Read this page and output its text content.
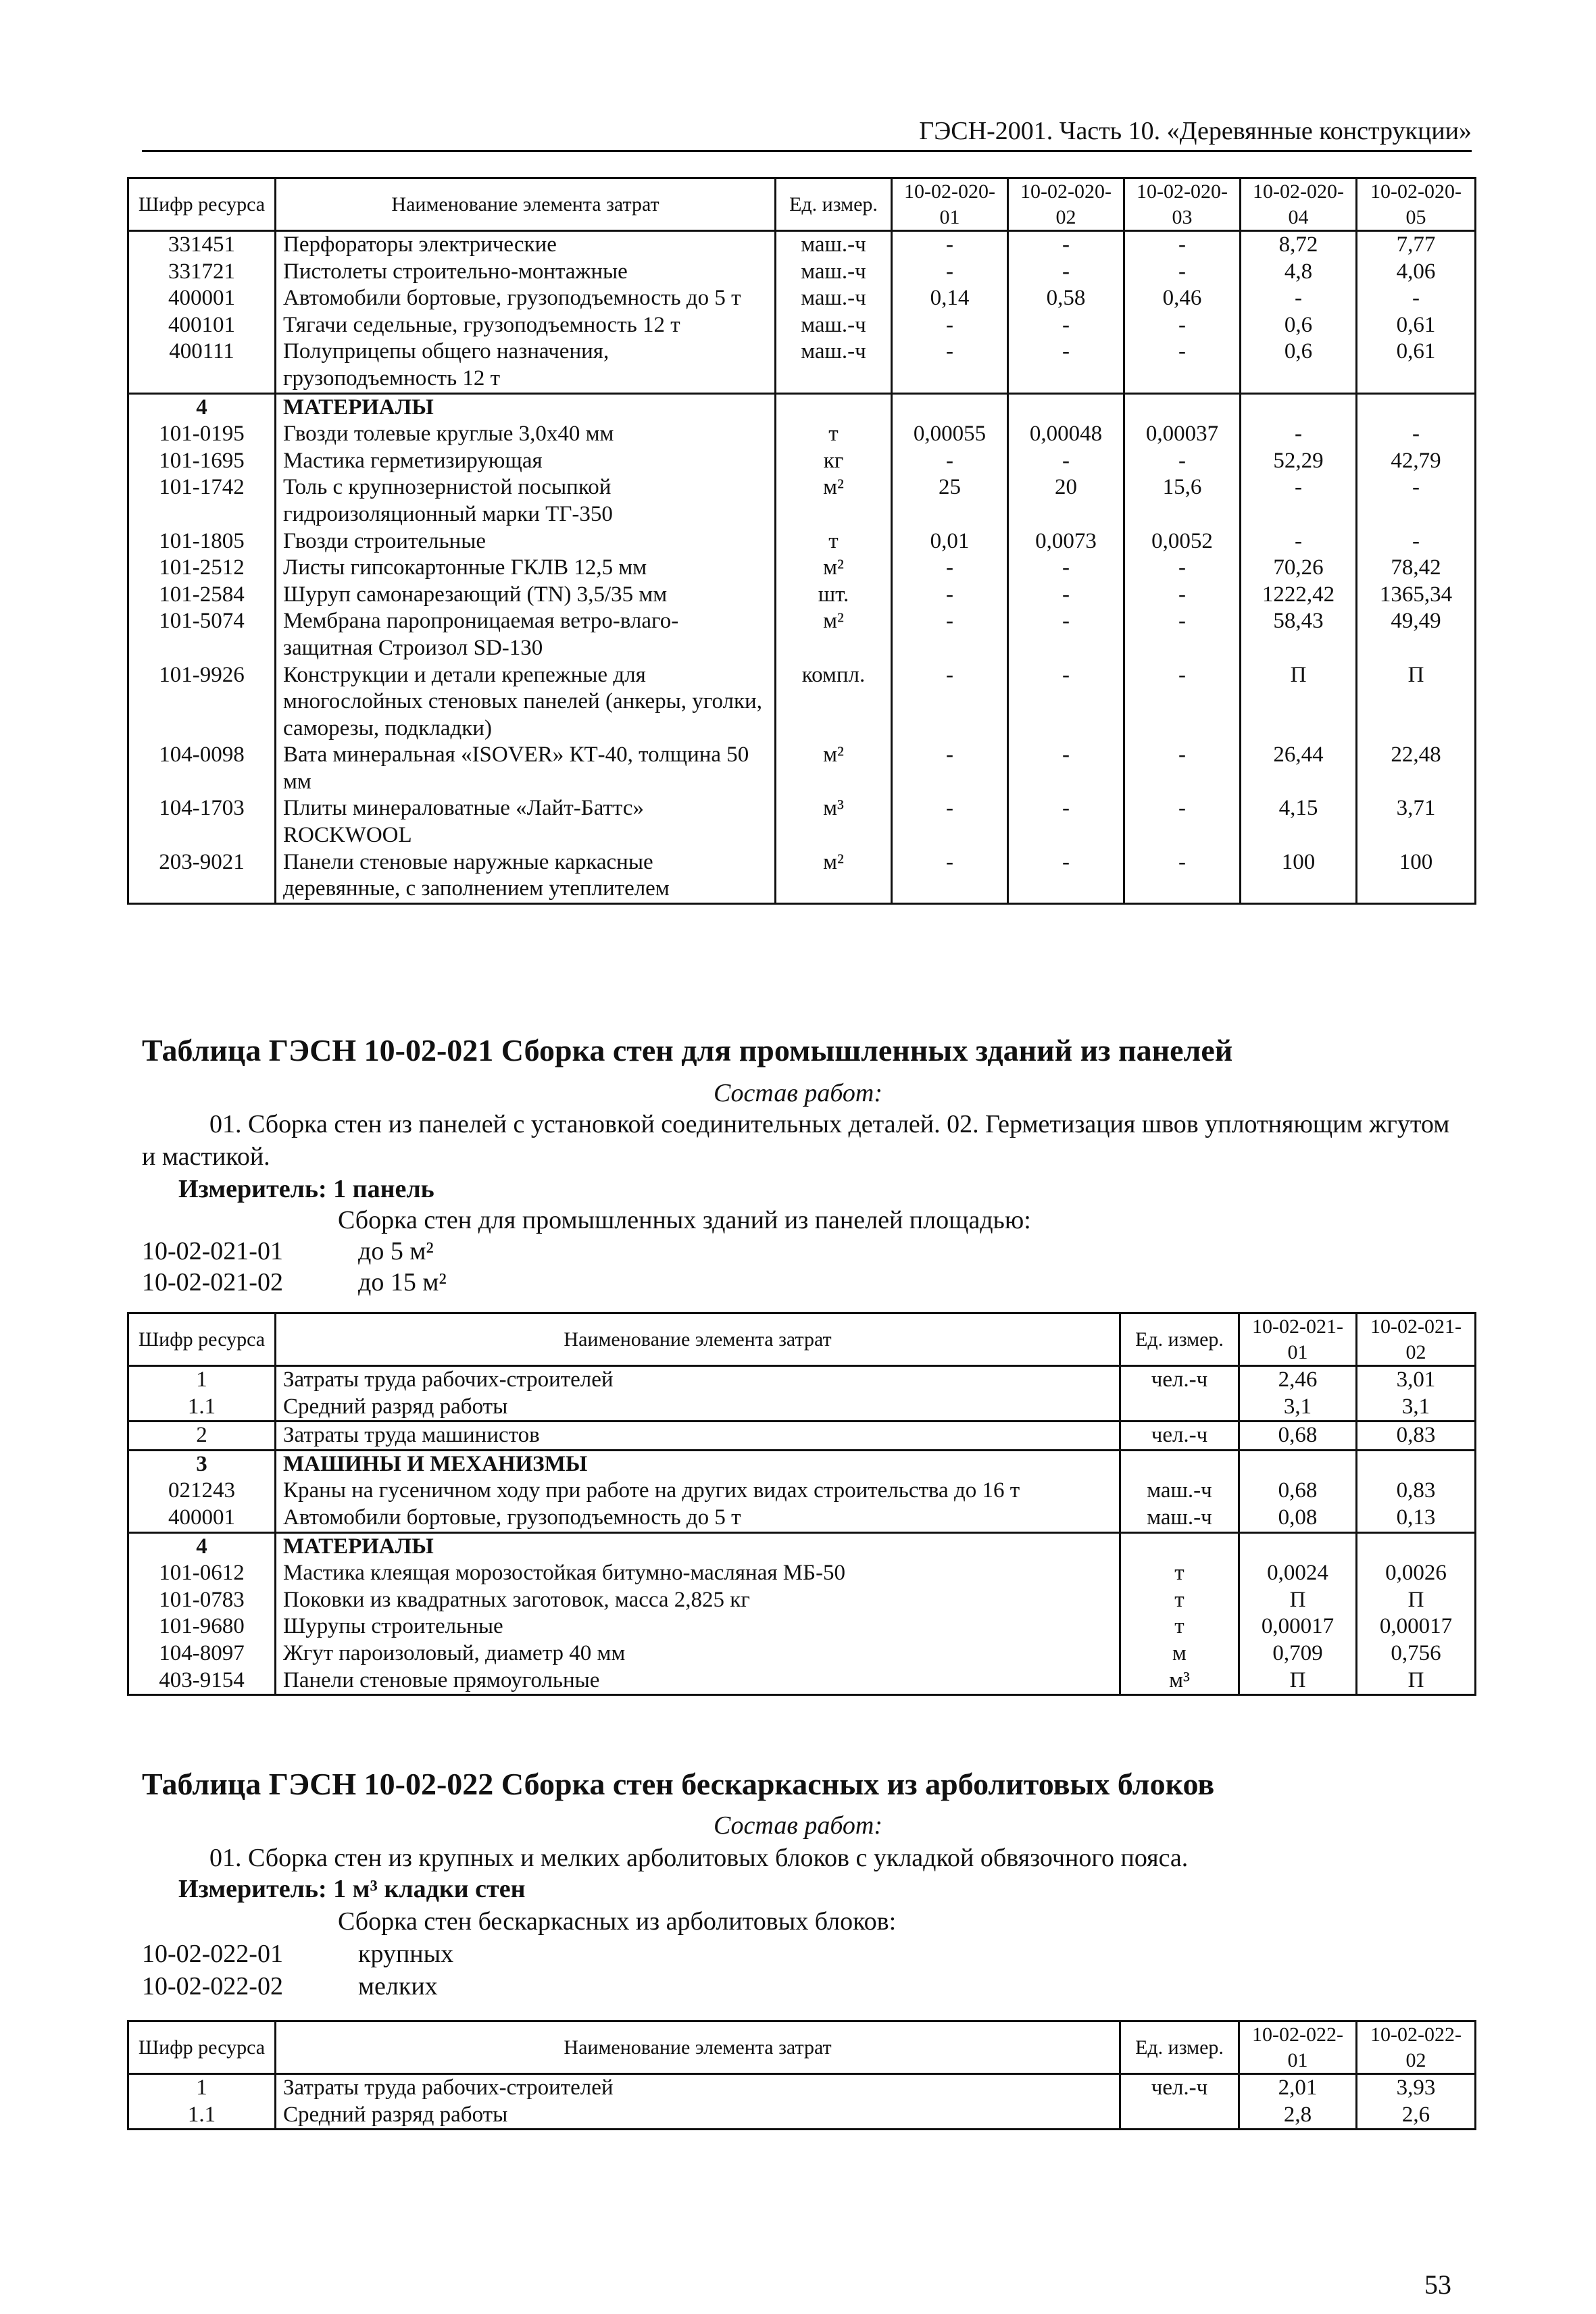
ГЭСН-2001. Часть 10. «Деревянные конструкции»
Шифр ресурса	Наименование элемента затрат	Ед. измер.	10-02-020-01	10-02-020-02	10-02-020-03	10-02-020-04	10-02-020-05
331451	Перфораторы электрические	маш.-ч	-	-	-	8,72	7,77
331721	Пистолеты строительно-монтажные	маш.-ч	-	-	-	4,8	4,06
400001	Автомобили бортовые, грузоподъемность до 5 т	маш.-ч	0,14	0,58	0,46	-	-
400101	Тягачи седельные, грузоподъемность 12 т	маш.-ч	-	-	-	0,6	0,61
400111	Полуприцепы общего назначения, грузоподъемность 12 т	маш.-ч	-	-	-	0,6	0,61
4	МАТЕРИАЛЫ						
101-0195	Гвозди толевые круглые 3,0х40 мм	т	0,00055	0,00048	0,00037	-	-
101-1695	Мастика герметизирующая	кг	-	-	-	52,29	42,79
101-1742	Толь с крупнозернистой посыпкой гидроизоляционный марки ТГ-350	м²	25	20	15,6	-	-
101-1805	Гвозди строительные	т	0,01	0,0073	0,0052	-	-
101-2512	Листы гипсокартонные ГКЛВ 12,5 мм	м²	-	-	-	70,26	78,42
101-2584	Шуруп самонарезающий (TN) 3,5/35 мм	шт.	-	-	-	1222,42	1365,34
101-5074	Мембрана паропроницаемая ветро-влаго-защитная Строизол SD-130	м²	-	-	-	58,43	49,49
101-9926	Конструкции и детали крепежные для многослойных стеновых панелей (анкеры, уголки, саморезы, подкладки)	компл.	-	-	-	П	П
104-0098	Вата минеральная «ISOVER» КТ-40, толщина 50 мм	м²	-	-	-	26,44	22,48
104-1703	Плиты минераловатные «Лайт-Баттс» ROCKWOOL	м³	-	-	-	4,15	3,71
203-9021	Панели стеновые наружные каркасные деревянные, с заполнением утеплителем	м²	-	-	-	100	100
Таблица ГЭСН 10-02-021 Сборка стен для промышленных зданий из панелей
Состав работ:
01. Сборка стен из панелей с установкой соединительных деталей. 02. Герметизация швов уплотняющим жгутом и мастикой.
Измеритель: 1 панель
Сборка стен для промышленных зданий из панелей площадью:
10-02-021-01	до 5 м²
10-02-021-02	до 15 м²
Шифр ресурса	Наименование элемента затрат	Ед. измер.	10-02-021-01	10-02-021-02
1	Затраты труда рабочих-строителей	чел.-ч	2,46	3,01
1.1	Средний разряд работы		3,1	3,1
2	Затраты труда машинистов	чел.-ч	0,68	0,83
3	МАШИНЫ И МЕХАНИЗМЫ			
021243	Краны на гусеничном ходу при работе на других видах строительства до 16 т	маш.-ч	0,68	0,83
400001	Автомобили бортовые, грузоподъемность до 5 т	маш.-ч	0,08	0,13
4	МАТЕРИАЛЫ			
101-0612	Мастика клеящая морозостойкая битумно-масляная МБ-50	т	0,0024	0,0026
101-0783	Поковки из квадратных заготовок, масса 2,825 кг	т	П	П
101-9680	Шурупы строительные	т	0,00017	0,00017
104-8097	Жгут пароизоловый, диаметр 40 мм	м	0,709	0,756
403-9154	Панели стеновые прямоугольные	м³	П	П
Таблица ГЭСН 10-02-022 Сборка стен бескаркасных из арболитовых блоков
Состав работ:
01. Сборка стен из крупных и мелких арболитовых блоков с укладкой обвязочного пояса.
Измеритель: 1 м³ кладки стен
Сборка стен бескаркасных из арболитовых блоков:
10-02-022-01	крупных
10-02-022-02	мелких
Шифр ресурса	Наименование элемента затрат	Ед. измер.	10-02-022-01	10-02-022-02
1	Затраты труда рабочих-строителей	чел.-ч	2,01	3,93
1.1	Средний разряд работы		2,8	2,6
53
